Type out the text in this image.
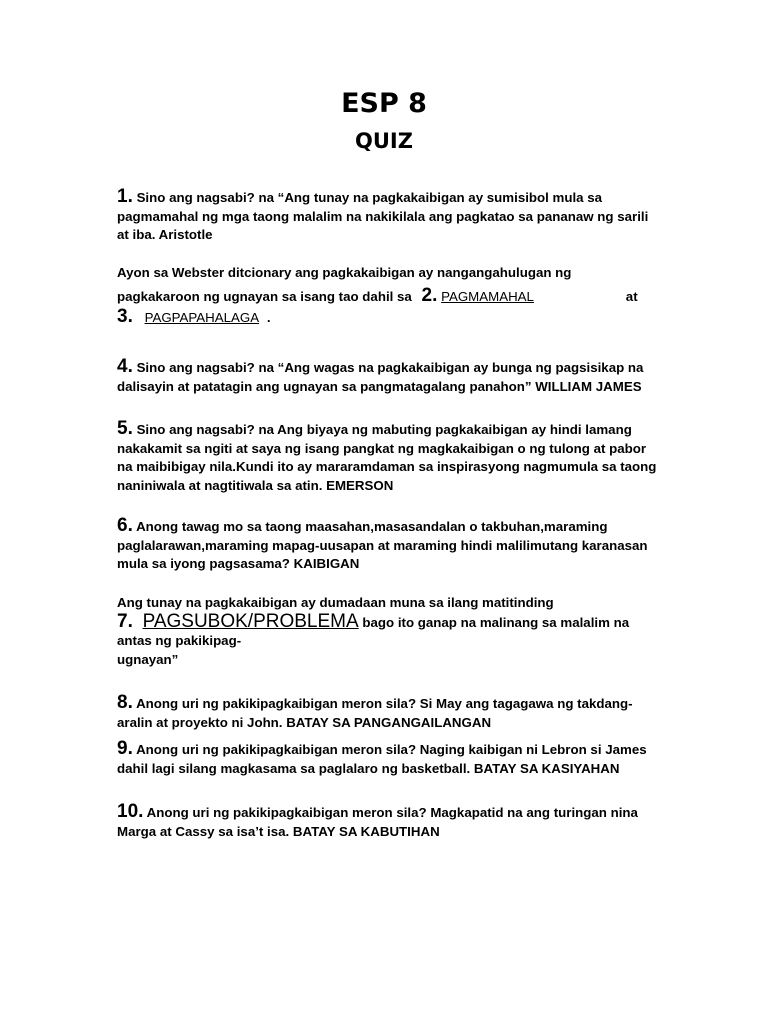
ESP 8
QUIZ
1. Sino ang nagsabi? na “Ang tunay na pagkakaibigan ay sumisibol mula sa pagmamahal ng mga taong malalim na nakikilala ang pagkatao sa pananaw ng sarili at iba. Aristotle
Ayon sa Webster ditcionary ang pagkakaibigan ay nangangahulugan ng
pagkakaroon ng ugnayan sa isang tao dahil sa 2. PAGMAMAHAL	at
3. PAGPAPAHALAGA .
4. Sino ang nagsabi? na “Ang wagas na pagkakaibigan ay bunga ng pagsisikap na dalisayin at patatagin ang ugnayan sa pangmatagalang panahon” WILLIAM JAMES
5. Sino ang nagsabi? na Ang biyaya ng mabuting pagkakaibigan ay hindi lamang nakakamit sa ngiti at saya ng isang pangkat ng magkakaibigan o ng tulong at pabor na maibibigay nila.Kundi ito ay mararamdaman sa inspirasyong nagmumula sa taong naniniwala at nagtitiwala sa atin. EMERSON
6. Anong tawag mo sa taong maasahan,masasandalan o takbuhan,maraming paglalarawan,maraming mapag-uusapan at maraming hindi malilimutang karanasan mula sa iyong pagsasama? KAIBIGAN
Ang tunay na pagkakaibigan ay dumadaan muna sa ilang matitinding
7. PAGSUBOK/PROBLEMA bago ito ganap na malinang sa malalim na antas ng pakikipag-
ugnayan”
8. Anong uri ng pakikipagkaibigan meron sila? Si May ang tagagawa ng takdang-aralin at proyekto ni John. BATAY SA PANGANGAILANGAN
9. Anong uri ng pakikipagkaibigan meron sila? Naging kaibigan ni Lebron si James dahil lagi silang magkasama sa paglalaro ng basketball. BATAY SA KASIYAHAN
10. Anong uri ng pakikipagkaibigan meron sila? Magkapatid na ang turingan nina Marga at Cassy sa isa’t isa. BATAY SA KABUTIHAN
